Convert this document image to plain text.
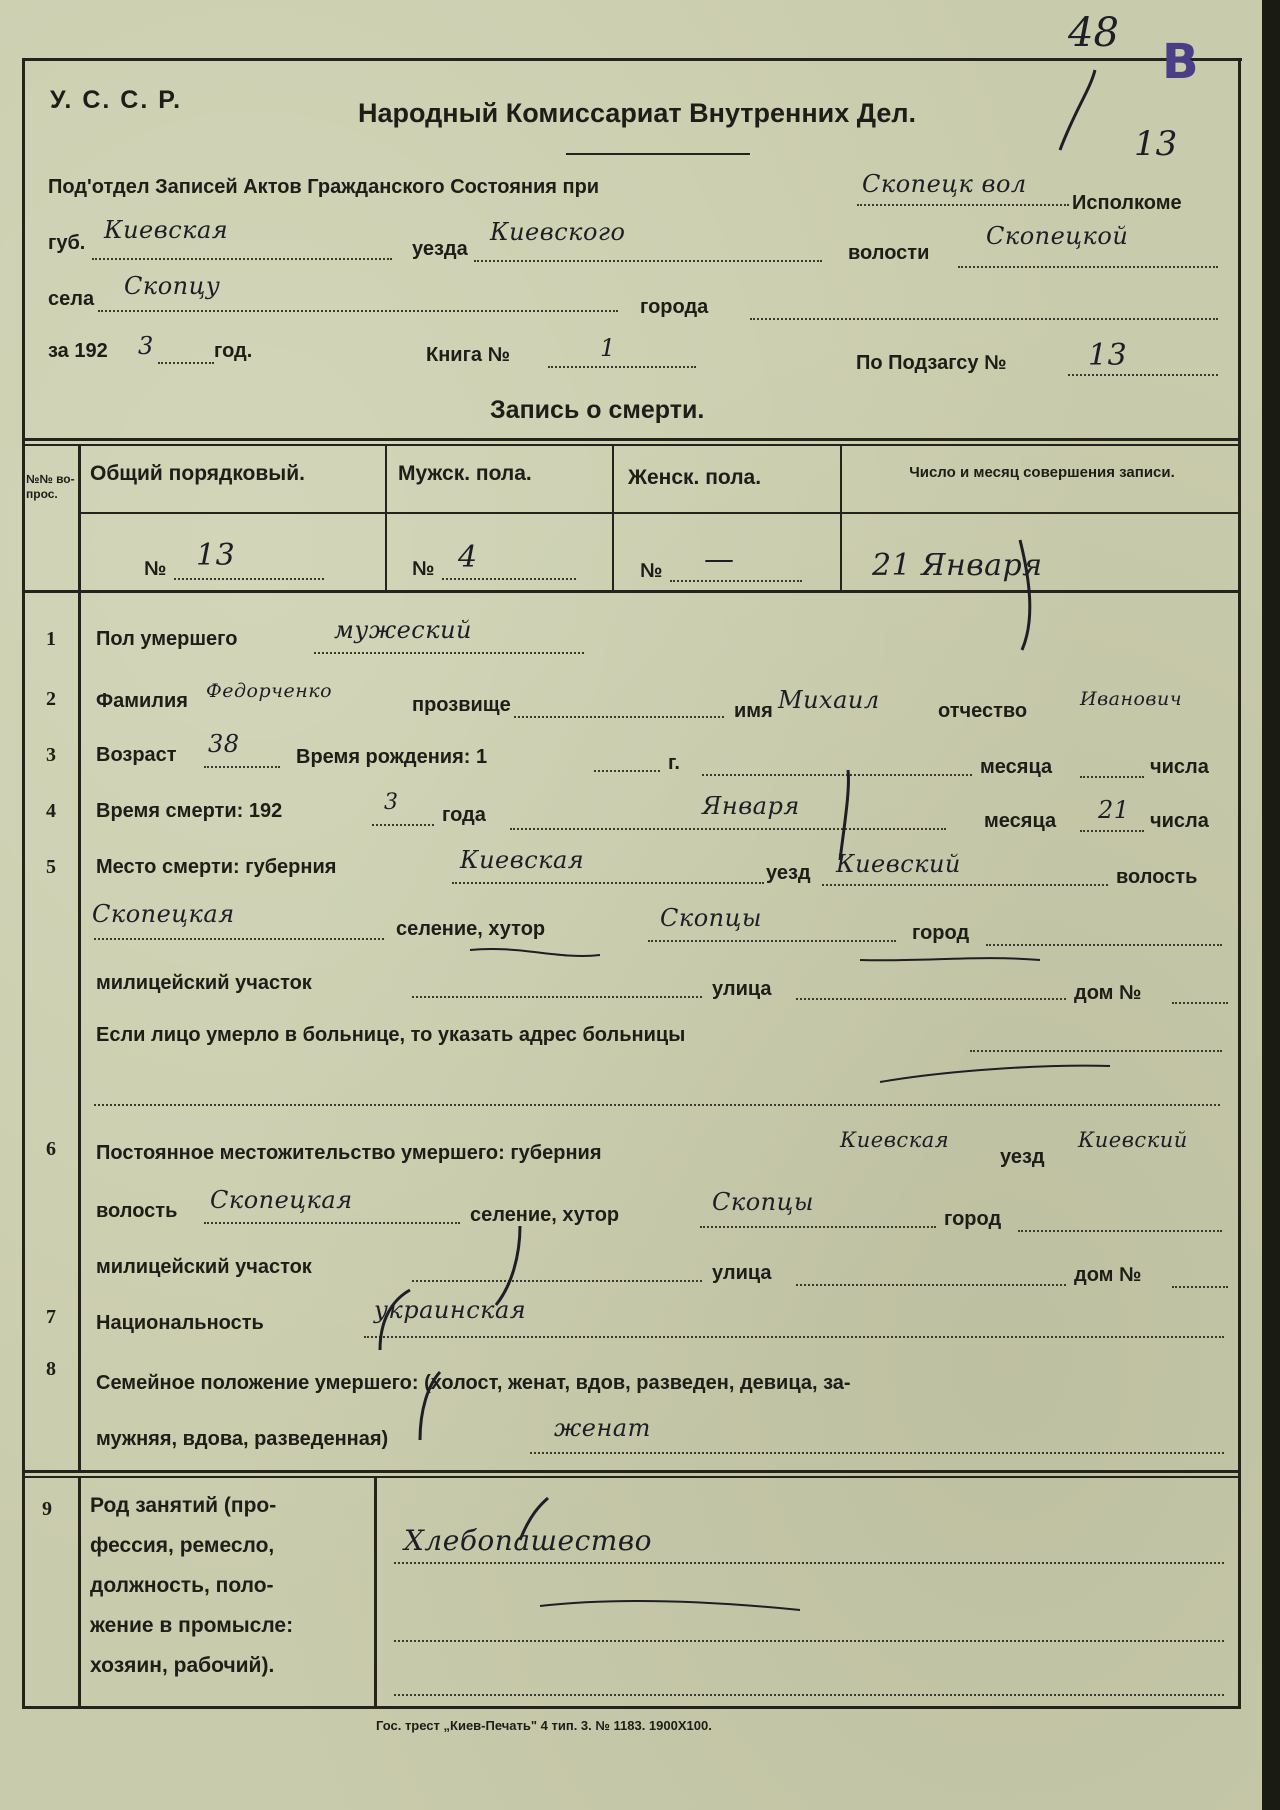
48
В
13
У. С. С. Р.	Народный Комиссариат Внутренних Дел.
Под'отдел Записей Актов Гражданского Состояния при	Скопецк вол
Исполкоме
губ. Киевская
уезда
Киевского
волости
Скопецкой
села Скопцу
города
за 192 3	год.	Книга №	1
По Подзагсу №	13
Запись о смерти.
№№ во- прос.
Общий порядковый.	Мужск. пола.	Женск. пола.	Число и месяц совершения записи.
№ 13	№ 4	№ —	21 Января
1 Пол умершего	мужеский
2 Фамилия Федорченко
прозвище	имя Михаил	отчество
Иванович
3 Возраст 38	Время рождения: 1	г.	месяца	числа
4 Время смерти: 192	3 года	Января
месяца 21 числа
5 Место смерти: губерния	Киевская	уезд Киевский	волость
Скопецкая
селение, хутор	Скопцы
город
милицейский участок	улица	дом №
Если лицо умерло в больнице, то указать адрес больницы
6 Постоянное местожительство умершего: губерния
Киевская
уезд
Киевский
волость Скопецкая
селение, хутор	Скопцы
город
милицейский участок	улица	дом №
7 Национальность	украинская
8
Семейное положение умершего: (холост, женат, вдов, разведен, девица, за-
мужняя, вдова, разведенная)	женат
9 Род занятий (про-
фессия, ремесло,
должность, поло-
жение в промысле:
хозяин, рабочий).
Хлебопашество
Гос. трест „Киев-Печать" 4 тип. 3. № 1183. 1900Х100.
